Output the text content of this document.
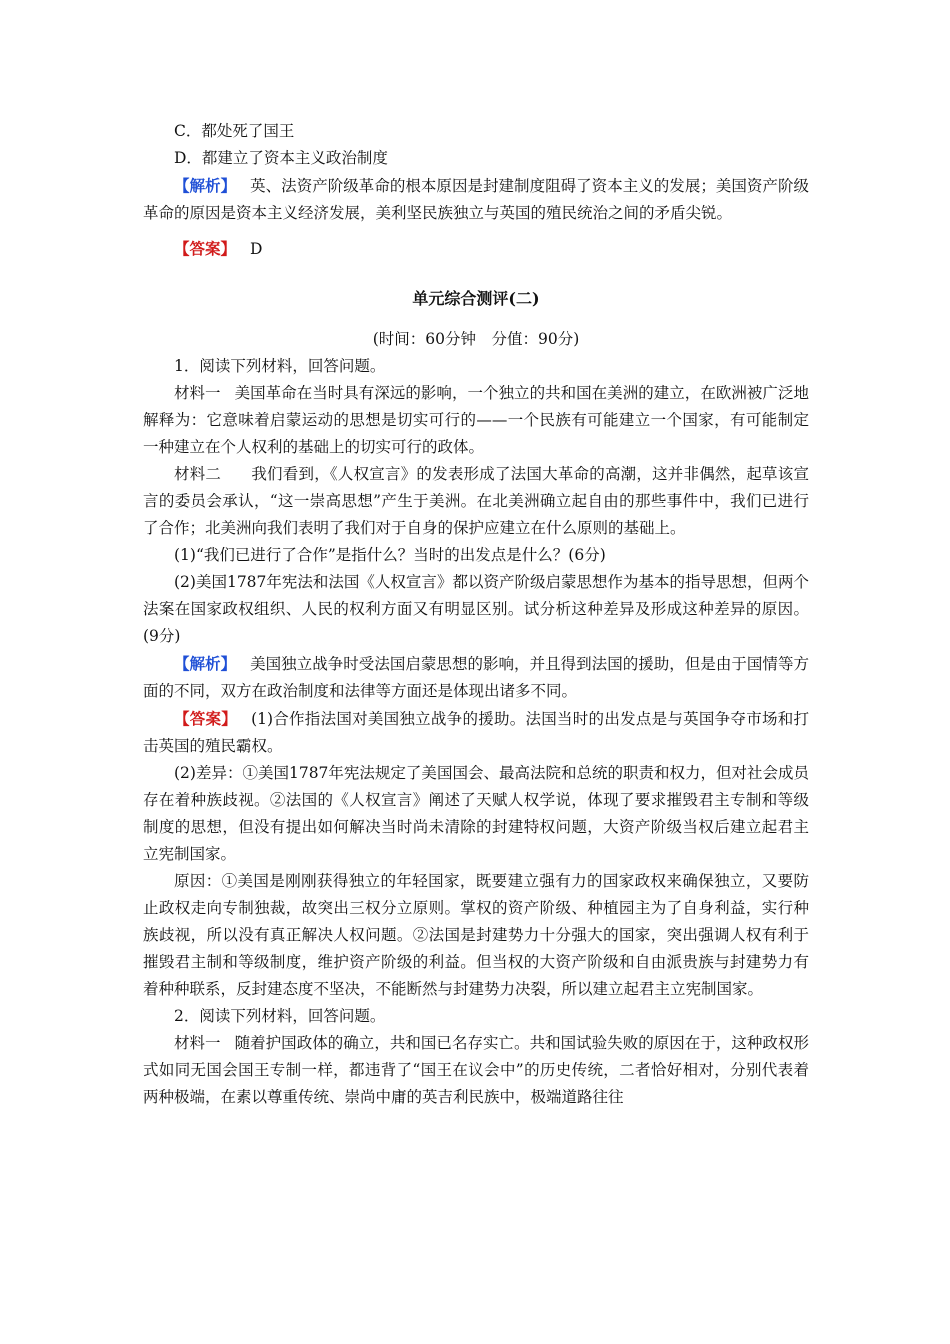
C．都处死了国王

D．都建立了资本主义政治制度

【解析】 英、法资产阶级革命的根本原因是封建制度阻碍了资本主义的发展；美国资产阶级革命的原因是资本主义经济发展，美利坚民族独立与英国的殖民统治之间的矛盾尖锐。

【答案】 D

单元综合测评(二)

(时间：60分钟　分值：90分)

1．阅读下列材料，回答问题。

材料一 美国革命在当时具有深远的影响，一个独立的共和国在美洲的建立，在欧洲被广泛地解释为：它意味着启蒙运动的思想是切实可行的——一个民族有可能建立一个国家，有可能制定一种建立在个人权利的基础上的切实可行的政体。

材料二 我们看到，《人权宣言》的发表形成了法国大革命的高潮，这并非偶然，起草该宣言的委员会承认，“这一崇高思想”产生于美洲。在北美洲确立起自由的那些事件中，我们已进行了合作；北美洲向我们表明了我们对于自身的保护应建立在什么原则的基础上。

(1)“我们已进行了合作”是指什么？当时的出发点是什么？(6分)

(2)美国1787年宪法和法国《人权宣言》都以资产阶级启蒙思想作为基本的指导思想，但两个法案在国家政权组织、人民的权利方面又有明显区别。试分析这种差异及形成这种差异的原因。(9分)

【解析】 美国独立战争时受法国启蒙思想的影响，并且得到法国的援助，但是由于国情等方面的不同，双方在政治制度和法律等方面还是体现出诸多不同。

【答案】 (1)合作指法国对美国独立战争的援助。法国当时的出发点是与英国争夺市场和打击英国的殖民霸权。

(2)差异：①美国1787年宪法规定了美国国会、最高法院和总统的职责和权力，但对社会成员存在着种族歧视。②法国的《人权宣言》阐述了天赋人权学说，体现了要求摧毁君主专制和等级制度的思想，但没有提出如何解决当时尚未清除的封建特权问题，大资产阶级当权后建立起君主立宪制国家。

原因：①美国是刚刚获得独立的年轻国家，既要建立强有力的国家政权来确保独立，又要防止政权走向专制独裁，故突出三权分立原则。掌权的资产阶级、种植园主为了自身利益，实行种族歧视，所以没有真正解决人权问题。②法国是封建势力十分强大的国家，突出强调人权有利于摧毁君主制和等级制度，维护资产阶级的利益。但当权的大资产阶级和自由派贵族与封建势力有着种种联系，反封建态度不坚决，不能断然与封建势力决裂，所以建立起君主立宪制国家。

2．阅读下列材料，回答问题。

材料一 随着护国政体的确立，共和国已名存实亡。共和国试验失败的原因在于，这种政权形式如同无国会国王专制一样，都违背了“国王在议会中”的历史传统，二者恰好相对，分别代表着两种极端，在素以尊重传统、崇尚中庸的英吉利民族中，极端道路往往
